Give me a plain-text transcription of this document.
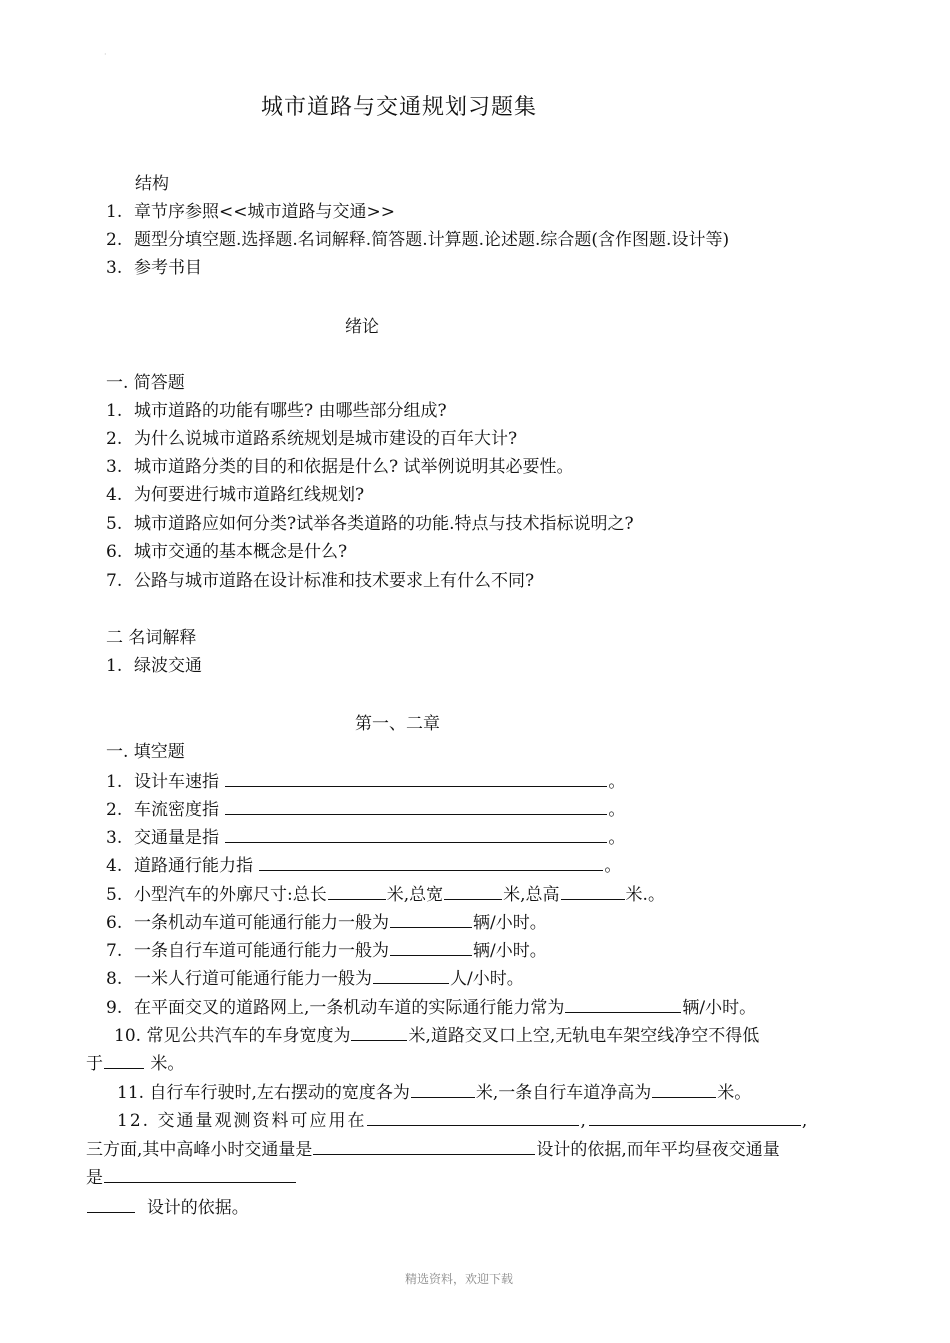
·
城市道路与交通规划习题集
结构
1. 章节序参照<<城市道路与交通>>
2. 题型分填空题.选择题.名词解释.简答题.计算题.论述题.综合题(含作图题.设计等)
3. 参考书目
绪论
一. 简答题
1. 城市道路的功能有哪些? 由哪些部分组成?
2. 为什么说城市道路系统规划是城市建设的百年大计?
3. 城市道路分类的目的和依据是什么? 试举例说明其必要性。
4. 为何要进行城市道路红线规划?
5. 城市道路应如何分类?试举各类道路的功能.特点与技术指标说明之?
6. 城市交通的基本概念是什么?
7. 公路与城市道路在设计标准和技术要求上有什么不同?
二 名词解释
1. 绿波交通
第一、二章
一. 填空题
1. 设计车速指	。
2. 车流密度指	。
3. 交通量是指	。
4. 道路通行能力指	。
5. 小型汽车的外廓尺寸:总长	米,总宽	米,总高	米.。
6. 一条机动车道可能通行能力一般为	辆/小时。
7. 一条自行车道可能通行能力一般为	辆/小时。
8. 一米人行道可能通行能力一般为	人/小时。
9. 在平面交叉的道路网上,一条机动车道的实际通行能力常为	辆/小时。
10. 常见公共汽车的车身宽度为	米,道路交叉口上空,无轨电车架空线净空不得低
于	米。
11. 自行车行驶时,左右摆动的宽度各为	米,一条自行车道净高为	米。
12. 交通量观测资料可应用在	,	,
三方面,其中高峰小时交通量是	设计的依据,而年平均昼夜交通量
是
设计的依据。
精选资料，欢迎下载
